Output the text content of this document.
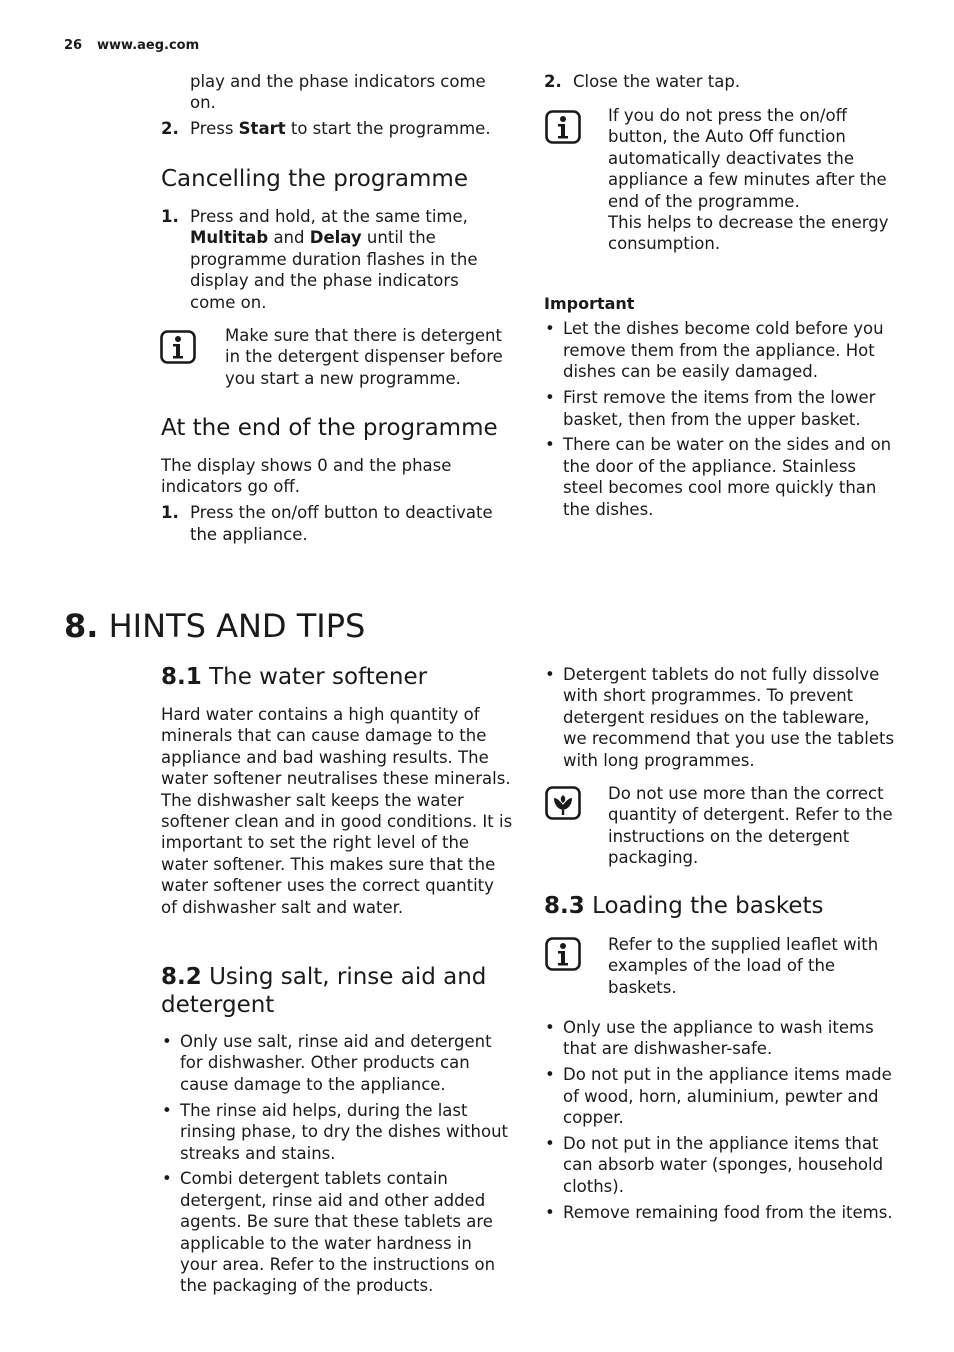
26 www.aeg.com

play and the phase indicators come on.

2. Press Start to start the programme.
Cancelling the programme
1. Press and hold, at the same time, Multitab and Delay until the programme duration flashes in the display and the phase indicators come on.
Make sure that there is detergent in the detergent dispenser before you start a new programme.
At the end of the programme

The display shows 0 and the phase indicators go off.

1. Press the on/off button to deactivate the appliance.
2. Close the water tap.
If you do not press the on/off button, the Auto Off function automatically deactivates the appliance a few minutes after the end of the programme.
This helps to decrease the energy consumption.
Important
• Let the dishes become cold before you remove them from the appliance. Hot dishes can be easily damaged.
• First remove the items from the lower basket, then from the upper basket.
• There can be water on the sides and on the door of the appliance. Stainless steel becomes cool more quickly than the dishes.
8. HINTS AND TIPS
8.1 The water softener

Hard water contains a high quantity of minerals that can cause damage to the appliance and bad washing results. The water softener neutralises these minerals.

The dishwasher salt keeps the water softener clean and in good conditions. It is important to set the right level of the water softener. This makes sure that the water softener uses the correct quantity of dishwasher salt and water.

8.2 Using salt, rinse aid and detergent
• Only use salt, rinse aid and detergent for dishwasher. Other products can cause damage to the appliance.
• The rinse aid helps, during the last rinsing phase, to dry the dishes without streaks and stains.
• Combi detergent tablets contain detergent, rinse aid and other added agents. Be sure that these tablets are applicable to the water hardness in your area. Refer to the instructions on the packaging of the products.
• Detergent tablets do not fully dissolve with short programmes. To prevent detergent residues on the tableware, we recommend that you use the tablets with long programmes.
Do not use more than the correct quantity of detergent. Refer to the instructions on the detergent packaging.
8.3 Loading the baskets
Refer to the supplied leaflet with examples of the load of the baskets.
• Only use the appliance to wash items that are dishwasher-safe.
• Do not put in the appliance items made of wood, horn, aluminium, pewter and copper.
• Do not put in the appliance items that can absorb water (sponges, household cloths).
• Remove remaining food from the items.
